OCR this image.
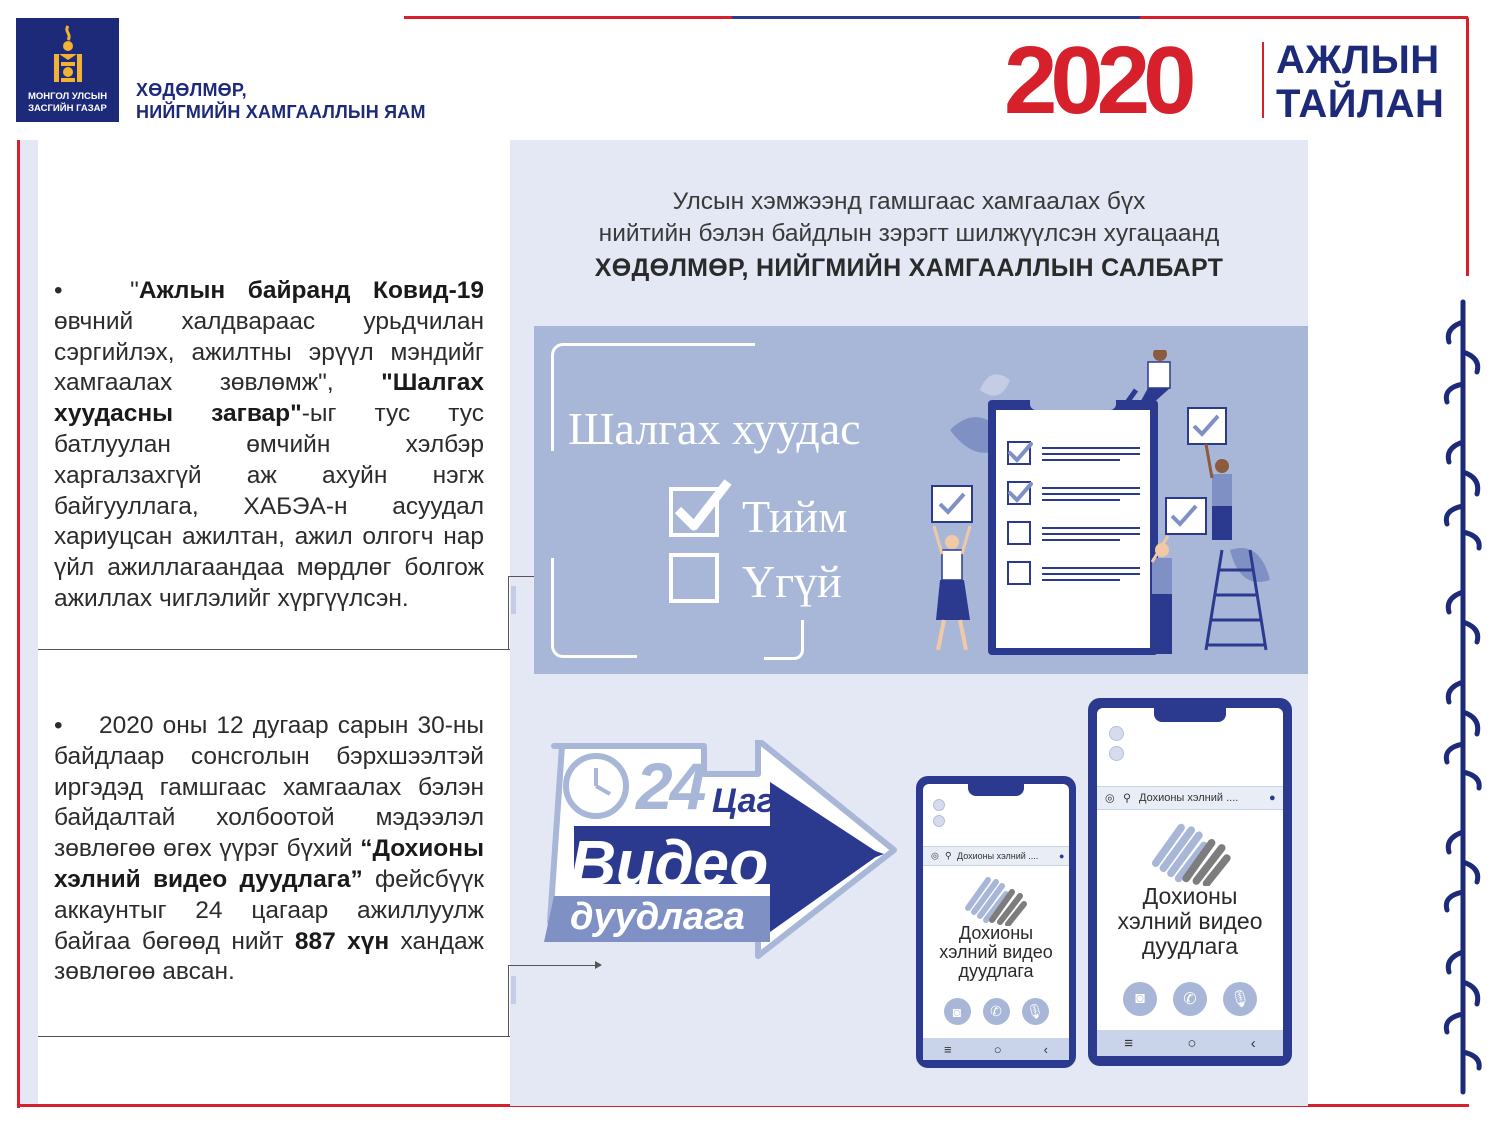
МОНГОЛ УЛСЫН
ЗАСГИЙН ГАЗАР
ХӨДӨЛМӨР,
НИЙГМИЙН ХАМГААЛЛЫН ЯАМ	2020 АЖЛЫН
ТАЙЛАН
•   "Ажлын байранд Ковид-19 өвчний халдвараас урьдчилан сэргийлэх, ажилтны эрүүл мэндийг хамгаалах зөвлөмж", "Шалгах хуудасны загвар"-ыг тус тус батлуулан өмчийн хэлбэр харгалзахгүй аж ахуйн нэгж байгууллага, ХАБЭА-н асуудал хариуцсан ажилтан, ажил олгогч нар үйл ажиллагаандаа мөрдлөг болгож ажиллах чиглэлийг хүргүүлсэн.
•    2020 оны 12 дугаар сарын 30-ны байдлаар сонсголын бэрхшээлтэй иргэдэд гамшгаас хамгаалах бэлэн байдалтай холбоотой мэдээлэл зөвлөгөө өгөх үүрэг бүхий “Дохионы хэлний видео дуудлага” фейсбүүк аккаунтыг 24 цагаар ажиллуулж байгаа бөгөөд нийт 887 хүн хандаж зөвлөгөө авсан.
Улсын хэмжээнд гамшгаас хамгаалах бүх
нийтийн бэлэн байдлын зэрэгт шилжүүлсэн хугацаанд
ХӨДӨЛМӨР, НИЙГМИЙН ХАМГААЛЛЫН САЛБАРТ
Шалгах хуудас
Тийм
Үгүй
24 Цаг
Видео
дуудлага
◎ ⚲ Дохионы хэлний .... ●
Дохионы
хэлний видео
дуудлага
◙	✆	🎙
≡	○	‹
◎ ⚲ Дохионы хэлний ....	●
Дохионы
хэлний видео
дуудлага
◙	✆	🎙
≡	○	‹
